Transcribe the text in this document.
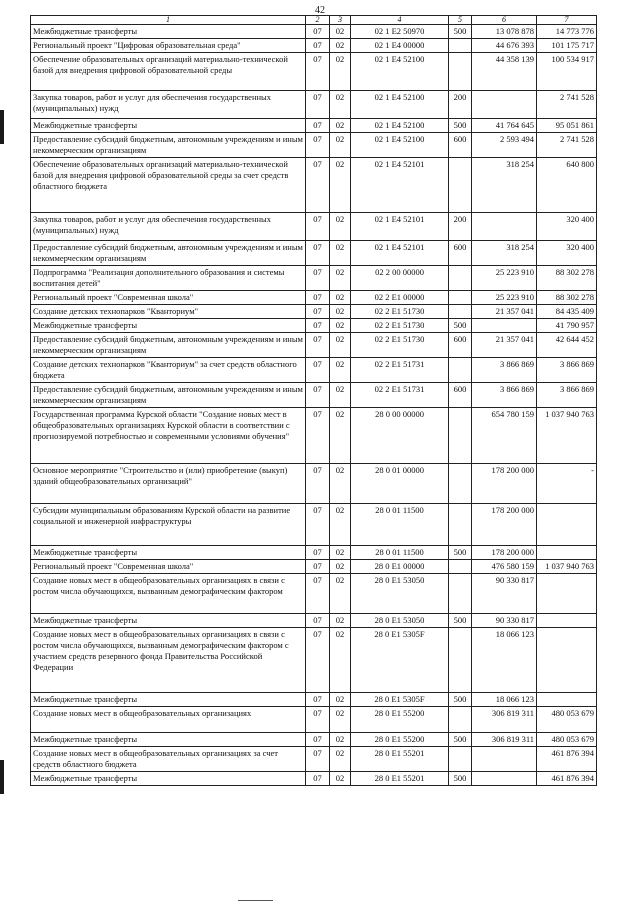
42
1	2	3	4	5	6	7
Межбюджетные трансферты	07	02	02 1 E2 50970	500	13 078 878	14 773 776
Региональный проект "Цифровая образовательная среда"	07	02	02 1 E4 00000		44 676 393	101 175 717
Обеспечение образовательных организаций материально-технической базой для внедрения цифровой образовательной среды	07	02	02 1 E4 52100		44 358 139	100 534 917
Закупка товаров, работ и услуг для обеспечения государственных (муниципальных) нужд	07	02	02 1 E4 52100	200		2 741 528
Межбюджетные трансферты	07	02	02 1 E4 52100	500	41 764 645	95 051 861
Предоставление субсидий бюджетным, автономным учреждениям и иным некоммерческим организациям	07	02	02 1 E4 52100	600	2 593 494	2 741 528
Обеспечение образовательных организаций материально-технической базой для внедрения цифровой образовательной среды за счет средств областного бюджета	07	02	02 1 E4 52101		318 254	640 800
Закупка товаров, работ и услуг для обеспечения государственных (муниципальных) нужд	07	02	02 1 E4 52101	200		320 400
Предоставление субсидий бюджетным, автономным учреждениям и иным некоммерческим организациям	07	02	02 1 E4 52101	600	318 254	320 400
Подпрограмма "Реализация дополнительного образования и системы воспитания детей"	07	02	02 2 00 00000		25 223 910	88 302 278
Региональный проект "Современная школа"	07	02	02 2 E1 00000		25 223 910	88 302 278
Создание детских технопарков "Кванториум"	07	02	02 2 E1 51730		21 357 041	84 435 409
Межбюджетные трансферты	07	02	02 2 E1 51730	500		41 790 957
Предоставление субсидий бюджетным, автономным учреждениям и иным некоммерческим организациям	07	02	02 2 E1 51730	600	21 357 041	42 644 452
Создание детских технопарков "Кванториум" за счет средств областного бюджета	07	02	02 2 E1 51731		3 866 869	3 866 869
Предоставление субсидий бюджетным, автономным учреждениям и иным некоммерческим организациям	07	02	02 2 E1 51731	600	3 866 869	3 866 869
Государственная программа Курской области "Создание новых мест в общеобразовательных организациях Курской области в соответствии с прогнозируемой потребностью и современными условиями обучения"	07	02	28 0 00 00000		654 780 159	1 037 940 763
Основное мероприятие "Строительство и (или) приобретение (выкуп) зданий общеобразовательных организаций"	07	02	28 0 01 00000		178 200 000	-
Субсидии муниципальным образованиям Курской области на развитие социальной и инженерной инфраструктуры	07	02	28 0 01 11500		178 200 000	
Межбюджетные трансферты	07	02	28 0 01 11500	500	178 200 000	
Региональный проект "Современная школа"	07	02	28 0 E1 00000		476 580 159	1 037 940 763
Создание новых мест в общеобразовательных организациях в связи с ростом числа обучающихся, вызванным демографическим фактором	07	02	28 0 E1 53050		90 330 817	
Межбюджетные трансферты	07	02	28 0 E1 53050	500	90 330 817	
Создание новых мест в общеобразовательных организациях в связи с ростом числа обучающихся, вызванным демографическим фактором с участием средств резервного фонда Правительства Российской Федерации	07	02	28 0 E1 5305F		18 066 123	
Межбюджетные трансферты	07	02	28 0 E1 5305F	500	18 066 123	
Создание новых мест в общеобразовательных организациях	07	02	28 0 E1 55200		306 819 311	480 053 679
Межбюджетные трансферты	07	02	28 0 E1 55200	500	306 819 311	480 053 679
Создание новых мест в общеобразовательных организациях за счет средств областного бюджета	07	02	28 0 E1 55201			461 876 394
Межбюджетные трансферты	07	02	28 0 E1 55201	500		461 876 394
